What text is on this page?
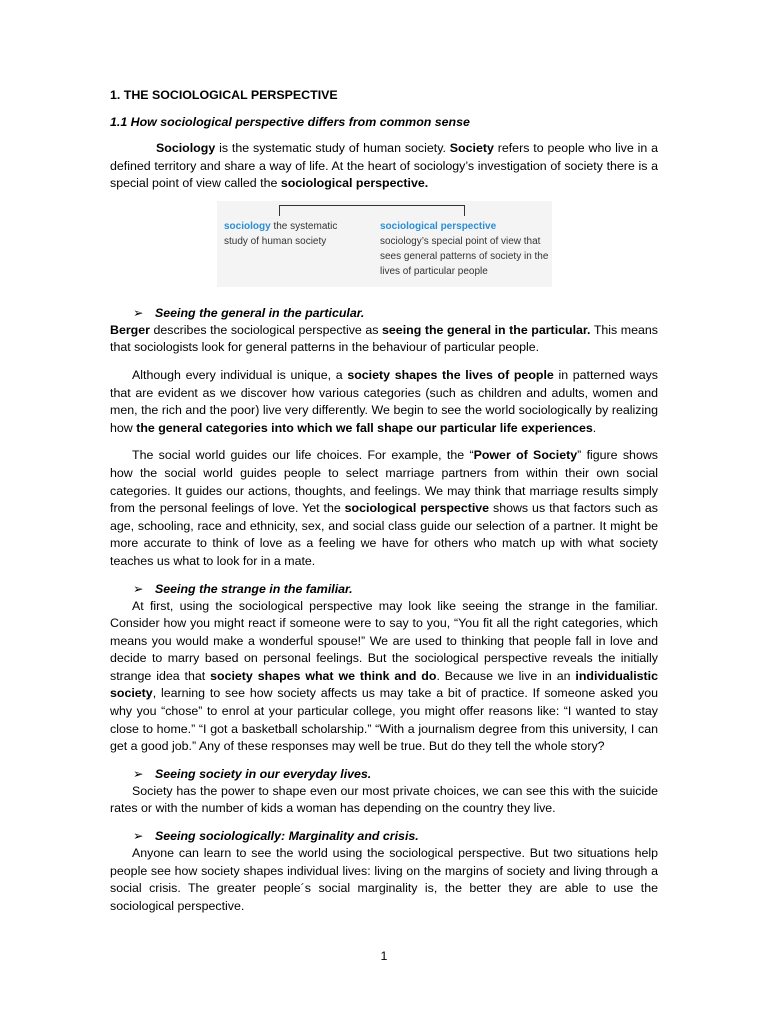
1. THE SOCIOLOGICAL PERSPECTIVE
1.1 How sociological perspective differs from common sense

Sociology is the systematic study of human society. Society refers to people who live in a defined territory and share a way of life. At the heart of sociology’s investigation of society there is a special point of view called the sociological perspective.

sociology the systematic study of human society
sociological perspective
sociology’s special point of view that sees general patterns of society in the lives of particular people

➢ Seeing the general in the particular.

Berger describes the sociological perspective as seeing the general in the particular. This means that sociologists look for general patterns in the behaviour of particular people.

Although every individual is unique, a society shapes the lives of people in patterned ways that are evident as we discover how various categories (such as children and adults, women and men, the rich and the poor) live very differently. We begin to see the world sociologically by realizing how the general categories into which we fall shape our particular life experiences.

The social world guides our life choices. For example, the “Power of Society” figure shows how the social world guides people to select marriage partners from within their own social categories. It guides our actions, thoughts, and feelings. We may think that marriage results simply from the personal feelings of love. Yet the sociological perspective shows us that factors such as age, schooling, race and ethnicity, sex, and social class guide our selection of a partner. It might be more accurate to think of love as a feeling we have for others who match up with what society teaches us what to look for in a mate.

➢ Seeing the strange in the familiar.

At first, using the sociological perspective may look like seeing the strange in the familiar. Consider how you might react if someone were to say to you, “You fit all the right categories, which means you would make a wonderful spouse!” We are used to thinking that people fall in love and decide to marry based on personal feelings. But the sociological perspective reveals the initially strange idea that society shapes what we think and do. Because we live in an individualistic society, learning to see how society affects us may take a bit of practice. If someone asked you why you “chose” to enrol at your particular college, you might offer reasons like: “I wanted to stay close to home.” “I got a basketball scholarship.” “With a journalism degree from this university, I can get a good job.” Any of these responses may well be true. But do they tell the whole story?

➢ Seeing society in our everyday lives.

Society has the power to shape even our most private choices, we can see this with the suicide rates or with the number of kids a woman has depending on the country they live.

➢ Seeing sociologically: Marginality and crisis.

Anyone can learn to see the world using the sociological perspective. But two situations help people see how society shapes individual lives: living on the margins of society and living through a social crisis. The greater people´s social marginality is, the better they are able to use the sociological perspective.

1
